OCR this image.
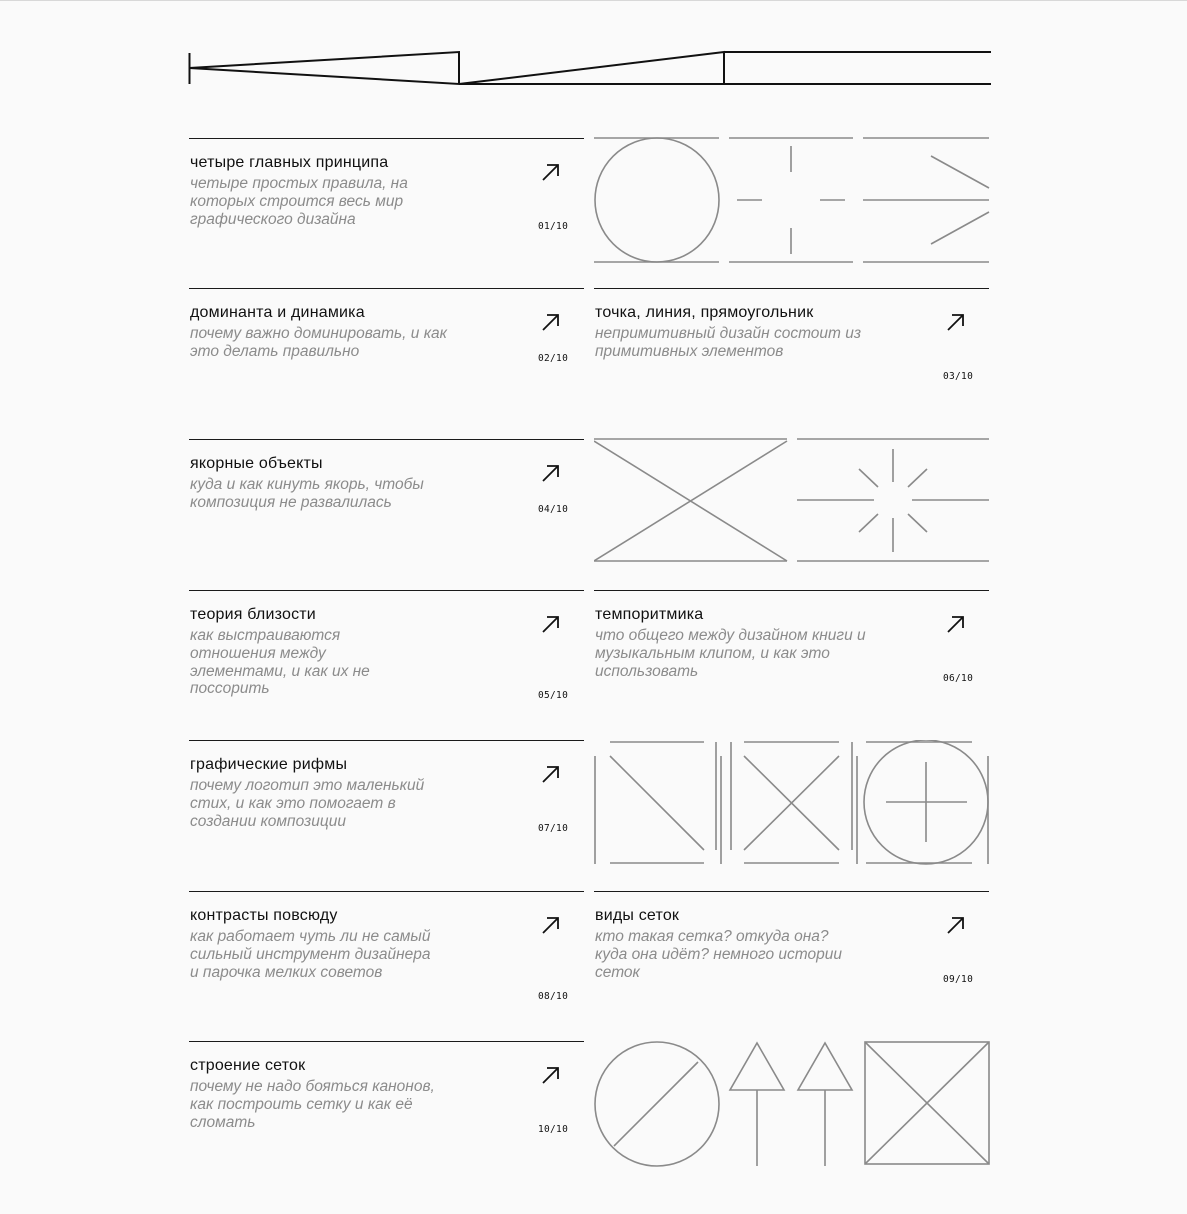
четыре главных принципа
четыре простых правила, на которых строится весь мир графического дизайна	01/10
доминанта и динамика
почему важно доминировать, и как это делать правильно	02/10
точка, линия, прямоугольник
непримитивный дизайн состоит из примитивных элементов
03/10
якорные объекты
куда и как кинуть якорь, чтобы композиция не развалилась	04/10
теория близости
как выстраиваются отношения между элементами, и как их не поссорить	05/10
темпоритмика
что общего между дизайном книги и музыкальным клипом, и как это использовать	06/10
графические рифмы
почему логотип это маленький стих, и как это помогает в создании композиции	07/10
контрасты повсюду
как работает чуть ли не самый сильный инструмент дизайнера и парочка мелких советов
08/10
виды сеток
кто такая сетка? откуда она? куда она идёт? немного истории сеток	09/10
строение сеток
почему не надо бояться канонов, как построить сетку и как её сломать	10/10
